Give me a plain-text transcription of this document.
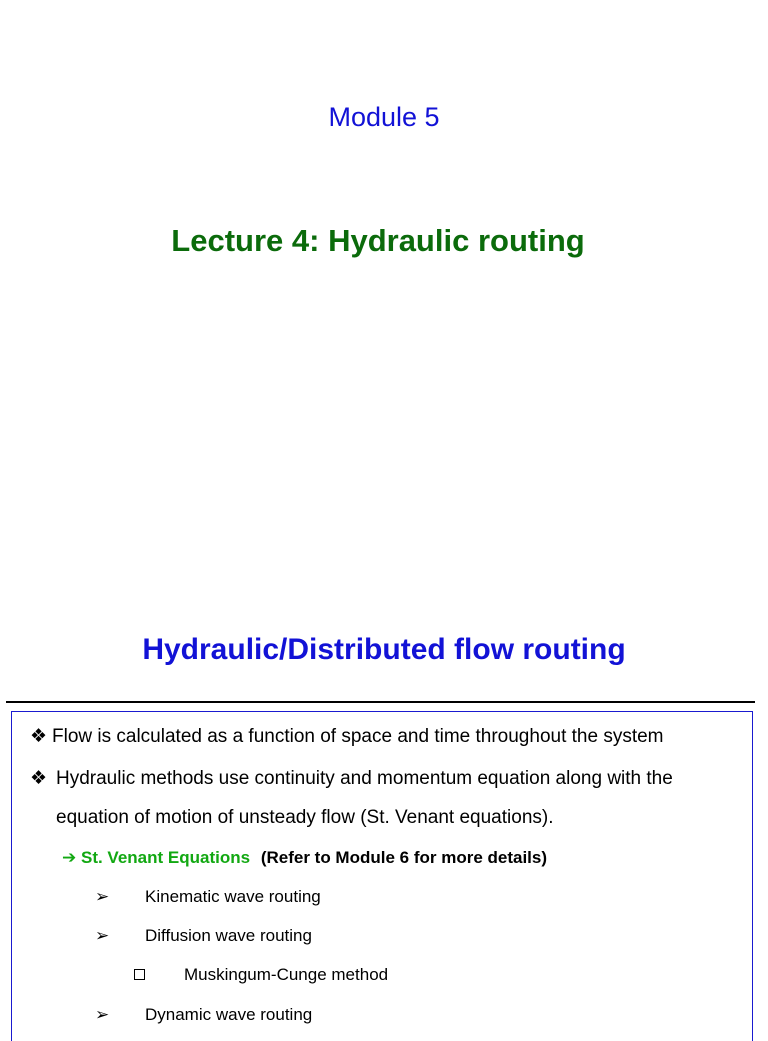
Module 5
Lecture 4: Hydraulic routing
Hydraulic/Distributed flow routing
❖ Flow is calculated as a function of space and time throughout the system
❖ Hydraulic methods use continuity and momentum equation along with the
equation of motion of unsteady flow (St. Venant equations).
➔ St. Venant Equations (Refer to Module 6 for more details)
➢ Kinematic wave routing
➢ Diffusion wave routing
Muskingum-Cunge method
➢ Dynamic wave routing
